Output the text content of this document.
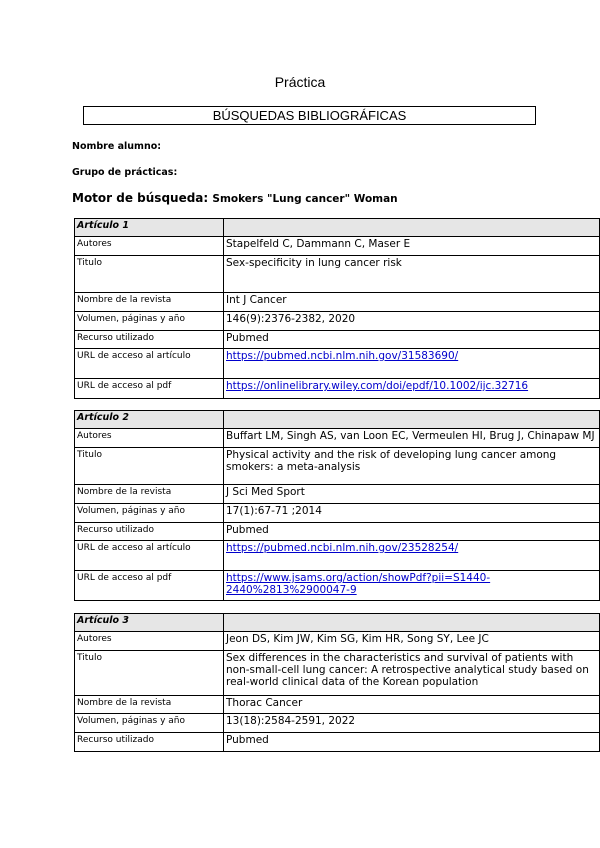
Práctica
BÚSQUEDAS BIBLIOGRÁFICAS
Nombre alumno:
Grupo de prácticas:
Motor de búsqueda: Smokers "Lung cancer" Woman
Artículo 1	
Autores	Stapelfeld C, Dammann C, Maser E
Titulo	Sex-specificity in lung cancer risk
Nombre de la revista	Int J Cancer
Volumen, páginas y año	146(9):2376-2382, 2020
Recurso utilizado	Pubmed
URL de acceso al artículo	https://pubmed.ncbi.nlm.nih.gov/31583690/
URL de acceso al pdf	https://onlinelibrary.wiley.com/doi/epdf/10.1002/ijc.32716
Artículo 2	
Autores	Buffart LM, Singh AS, van Loon EC, Vermeulen HI, Brug J, Chinapaw MJ
Titulo	Physical activity and the risk of developing lung cancer among smokers: a meta-analysis
Nombre de la revista	J Sci Med Sport
Volumen, páginas y año	17(1):67-71 ;2014
Recurso utilizado	Pubmed
URL de acceso al artículo	https://pubmed.ncbi.nlm.nih.gov/23528254/
URL de acceso al pdf	https://www.jsams.org/action/showPdf?pii=S1440-2440%2813%2900047-9
Artículo 3	
Autores	Jeon DS, Kim JW, Kim SG, Kim HR, Song SY, Lee JC
Titulo	Sex differences in the characteristics and survival of patients with non-small-cell lung cancer: A retrospective analytical study based on real-world clinical data of the Korean population
Nombre de la revista	Thorac Cancer
Volumen, páginas y año	13(18):2584-2591, 2022
Recurso utilizado	Pubmed
